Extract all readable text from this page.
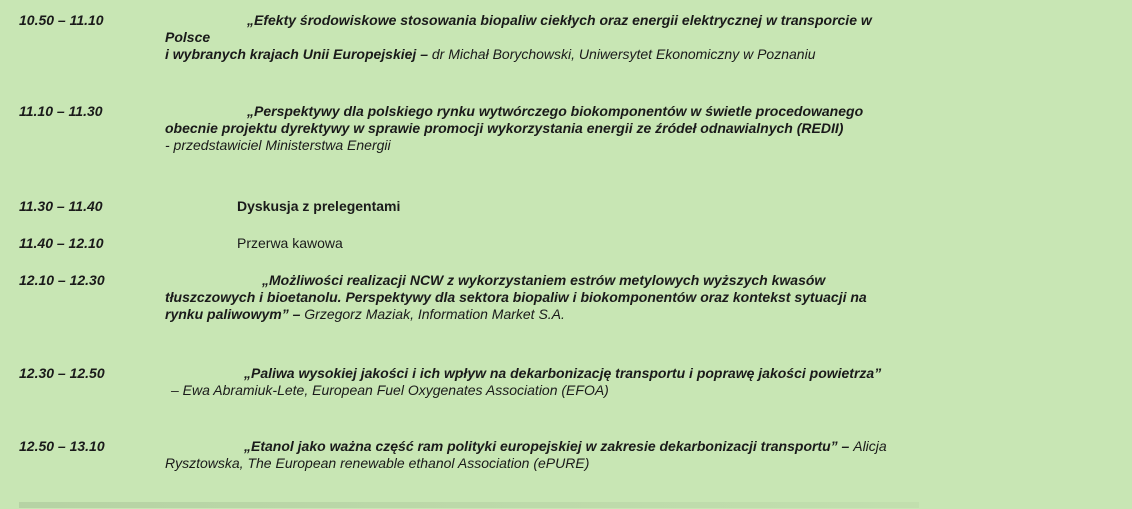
10.50 – 11.10	„Efekty środowiskowe stosowania biopaliw ciekłych oraz energii elektrycznej w transporcie w
Polsce
i wybranych krajach Unii Europejskiej – dr Michał Borychowski, Uniwersytet Ekonomiczny w Poznaniu
11.10 – 11.30	„Perspektywy dla polskiego rynku wytwórczego biokomponentów w świetle procedowanego
obecnie projektu dyrektywy w sprawie promocji wykorzystania energii ze źródeł odnawialnych (REDII)
- przedstawiciel Ministerstwa Energii
11.30 – 11.40	Dyskusja z prelegentami
11.40 – 12.10	Przerwa kawowa
12.10 – 12.30	„Możliwości realizacji NCW z wykorzystaniem estrów metylowych wyższych kwasów
tłuszczowych i bioetanolu. Perspektywy dla sektora biopaliw i biokomponentów oraz kontekst sytuacji na
rynku paliwowym” – Grzegorz Maziak, Information Market S.A.
12.30 – 12.50	„Paliwa wysokiej jakości i ich wpływ na dekarbonizację transportu i poprawę jakości powietrza”
– Ewa Abramiuk-Lete, European Fuel Oxygenates Association (EFOA)
12.50 – 13.10	„Etanol jako ważna część ram polityki europejskiej w zakresie dekarbonizacji transportu” – Alicja
Rysztowska, The European renewable ethanol Association (ePURE)
